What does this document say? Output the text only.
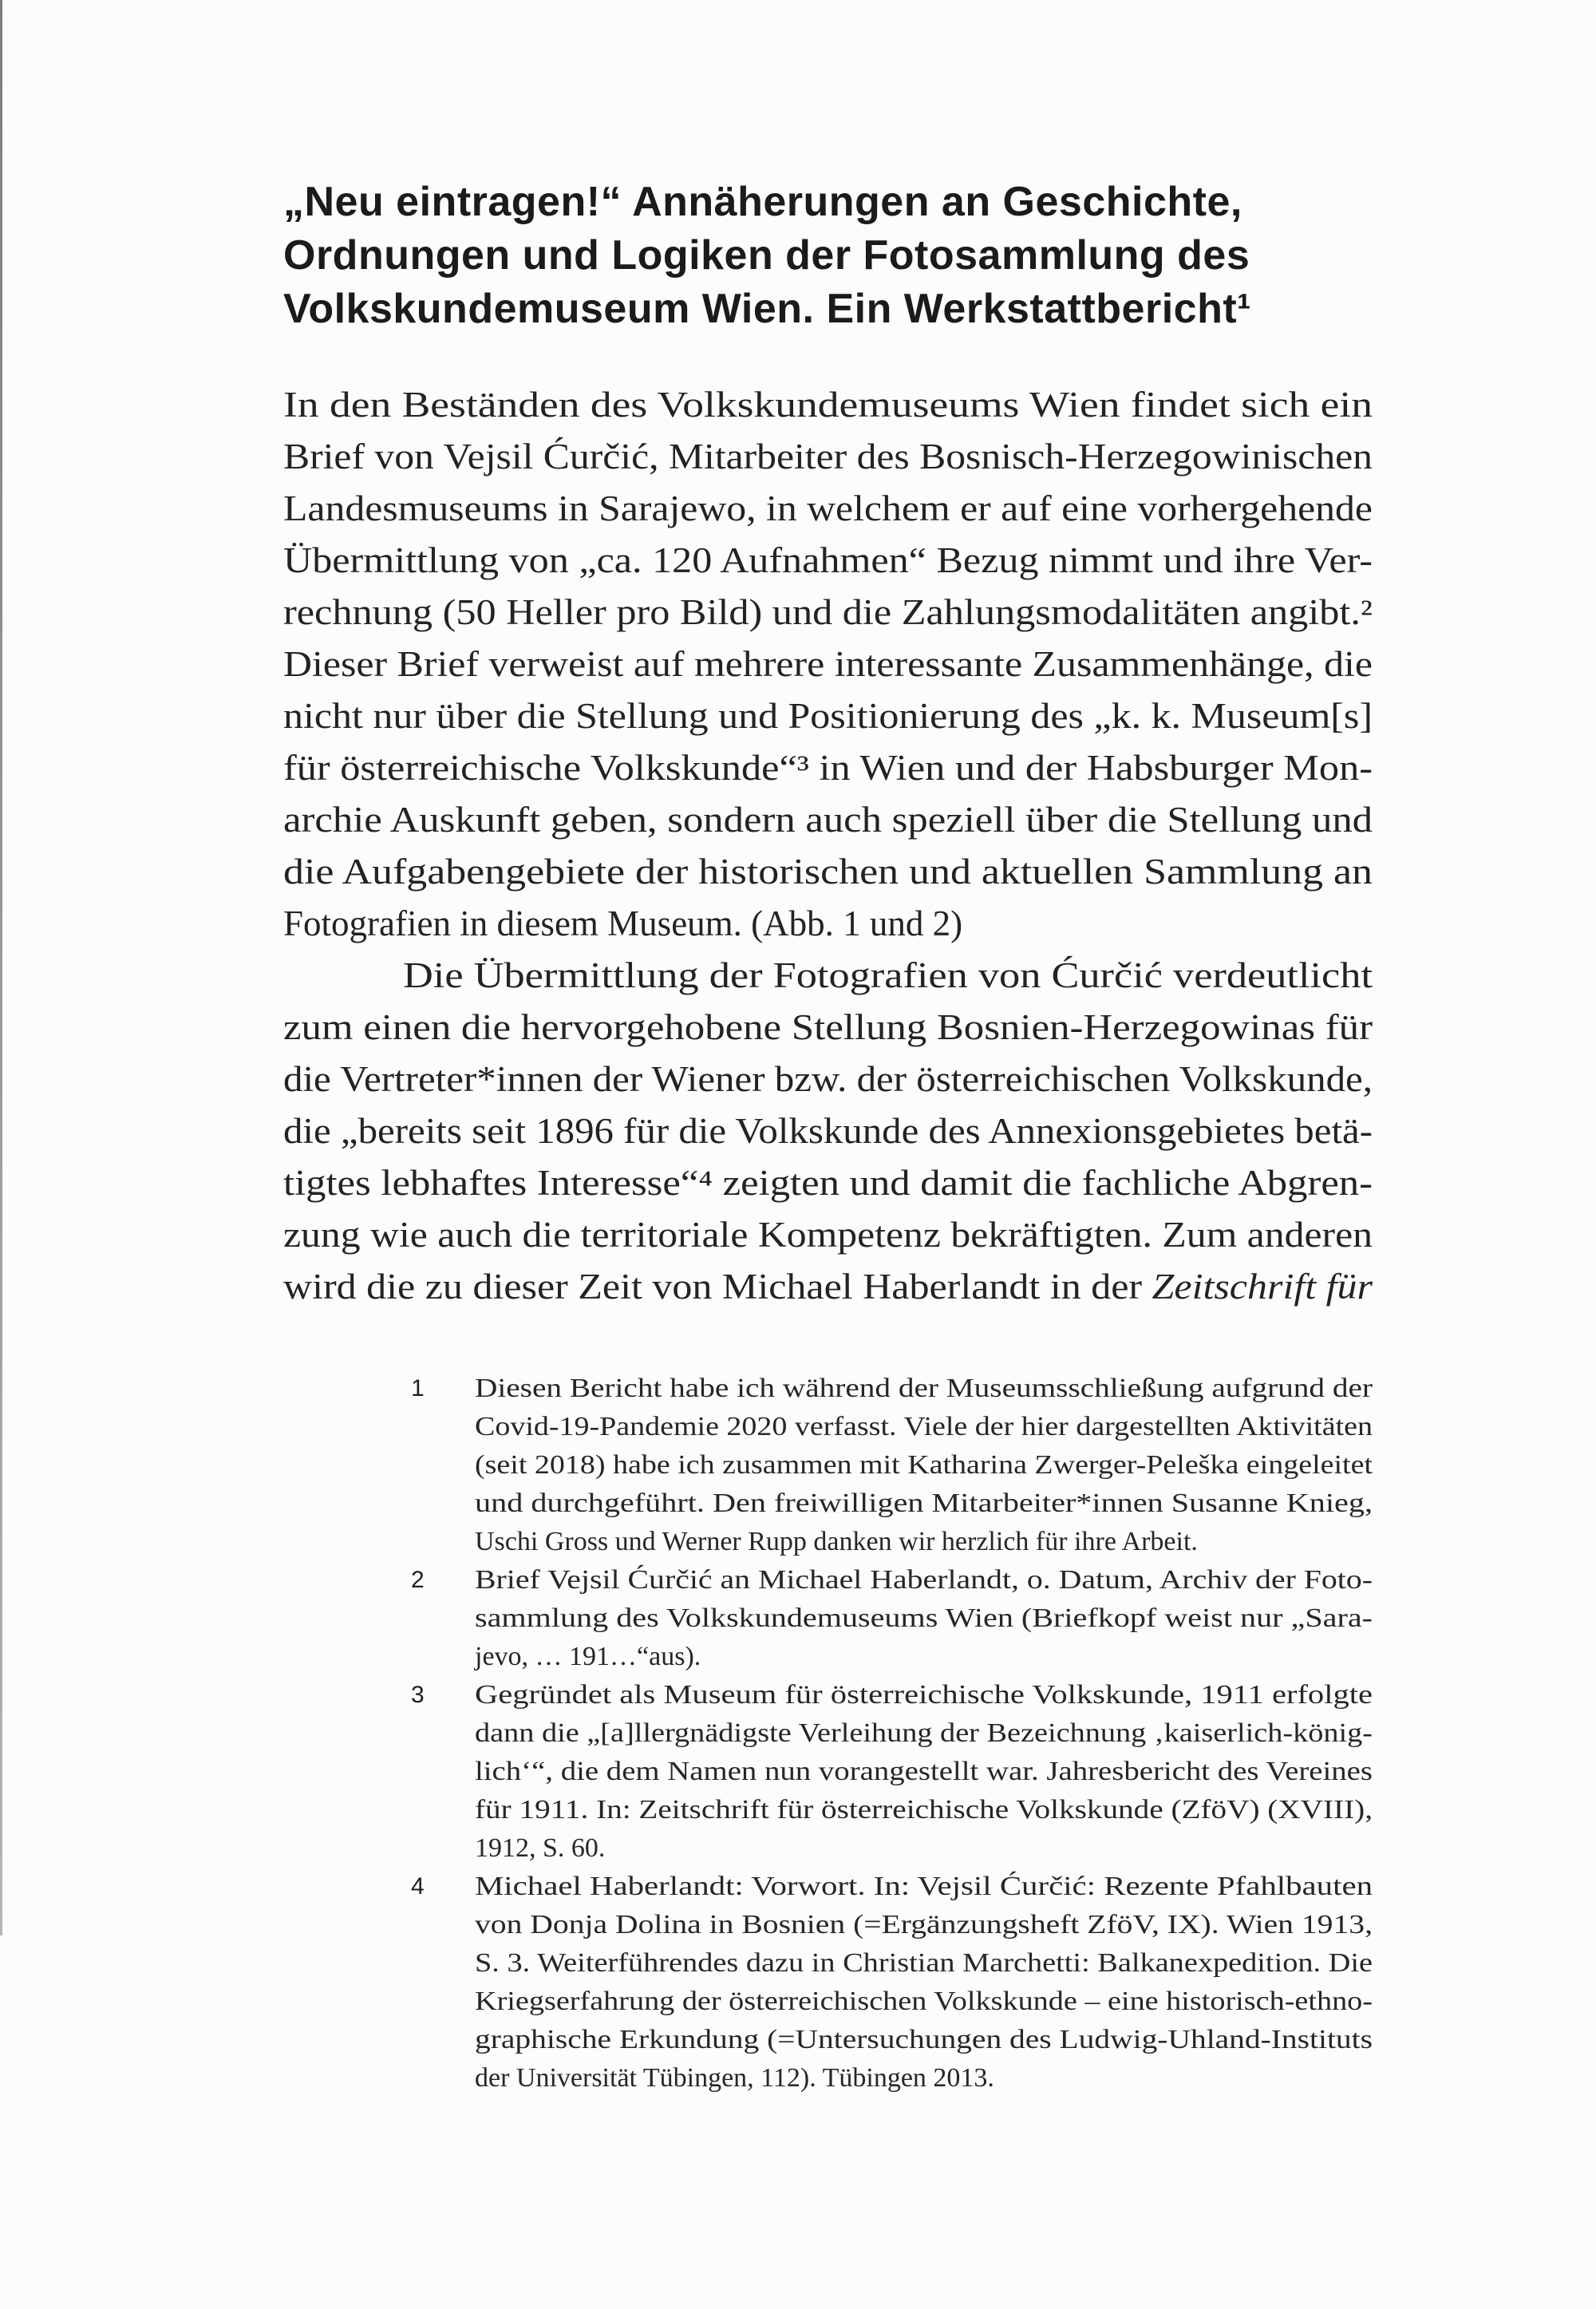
„Neu eintragen!“ Annäherungen an Geschichte,
Ordnungen und Logiken der Fotosammlung des
Volkskundemuseum Wien. Ein Werkstattbericht¹
In den Beständen des Volkskundemuseums Wien findet sich ein
Brief von Vejsil Ćurčić, Mitarbeiter des Bosnisch-Herzegowinischen
Landesmuseums in Sarajewo, in welchem er auf eine vorhergehende
Übermittlung von „ca. 120 Aufnahmen“ Bezug nimmt und ihre Ver-
rechnung (50 Heller pro Bild) und die Zahlungsmodalitäten angibt.²
Dieser Brief verweist auf mehrere interessante Zusammenhänge, die
nicht nur über die Stellung und Positionierung des „k. k. Museum[s]
für österreichische Volkskunde“³ in Wien und der Habsburger Mon-
archie Auskunft geben, sondern auch speziell über die Stellung und
die Aufgabengebiete der historischen und aktuellen Sammlung an
Fotografien in diesem Museum. (Abb. 1 und 2)
Die Übermittlung der Fotografien von Ćurčić verdeutlicht
zum einen die hervorgehobene Stellung Bosnien-Herzegowinas für
die Vertreter*innen der Wiener bzw. der österreichischen Volkskunde,
die „bereits seit 1896 für die Volkskunde des Annexionsgebietes betä-
tigtes lebhaftes Interesse“⁴ zeigten und damit die fachliche Abgren-
zung wie auch die territoriale Kompetenz bekräftigten. Zum anderen
wird die zu dieser Zeit von Michael Haberlandt in der Zeitschrift für
1 Diesen Bericht habe ich während der Museumsschließung aufgrund der
Covid-19-Pandemie 2020 verfasst. Viele der hier dargestellten Aktivitäten
(seit 2018) habe ich zusammen mit Katharina Zwerger-Peleška eingeleitet
und durchgeführt. Den freiwilligen Mitarbeiter*innen Susanne Knieg,
Uschi Gross und Werner Rupp danken wir herzlich für ihre Arbeit.
2 Brief Vejsil Ćurčić an Michael Haberlandt, o. Datum, Archiv der Foto-
sammlung des Volkskundemuseums Wien (Briefkopf weist nur „Sara-
jevo, … 191…“aus).
3 Gegründet als Museum für österreichische Volkskunde, 1911 erfolgte
dann die „[a]llergnädigste Verleihung der Bezeichnung ‚kaiserlich-könig-
lich‘“, die dem Namen nun vorangestellt war. Jahresbericht des Vereines
für 1911. In: Zeitschrift für österreichische Volkskunde (ZföV) (XVIII),
1912, S. 60.
4 Michael Haberlandt: Vorwort. In: Vejsil Ćurčić: Rezente Pfahlbauten
von Donja Dolina in Bosnien (=Ergänzungsheft ZföV, IX). Wien 1913,
S. 3. Weiterführendes dazu in Christian Marchetti: Balkanexpedition. Die
Kriegserfahrung der österreichischen Volkskunde – eine historisch-ethno-
graphische Erkundung (=Untersuchungen des Ludwig-Uhland-Instituts
der Universität Tübingen, 112). Tübingen 2013.
